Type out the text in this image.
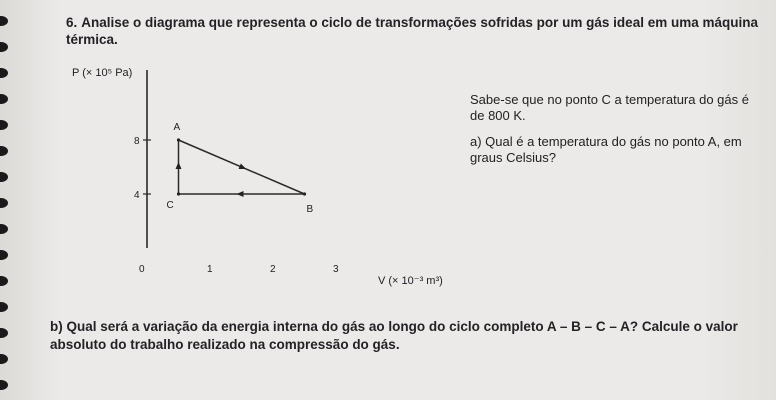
6. Analise o diagrama que representa o ciclo de transformações sofridas por um gás ideal em uma máquina térmica.
0	1	2	3
4
8
A
B
C
P (× 10⁵ Pa)
V (× 10⁻³ m³)

Sabe-se que no ponto C a temperatura do gás é de 800 K.

a) Qual é a temperatura do gás no ponto A, em graus Celsius?

b) Qual será a variação da energia interna do gás ao longo do ciclo completo A – B – C – A? Calcule o valor absoluto do trabalho realizado na compressão do gás.
